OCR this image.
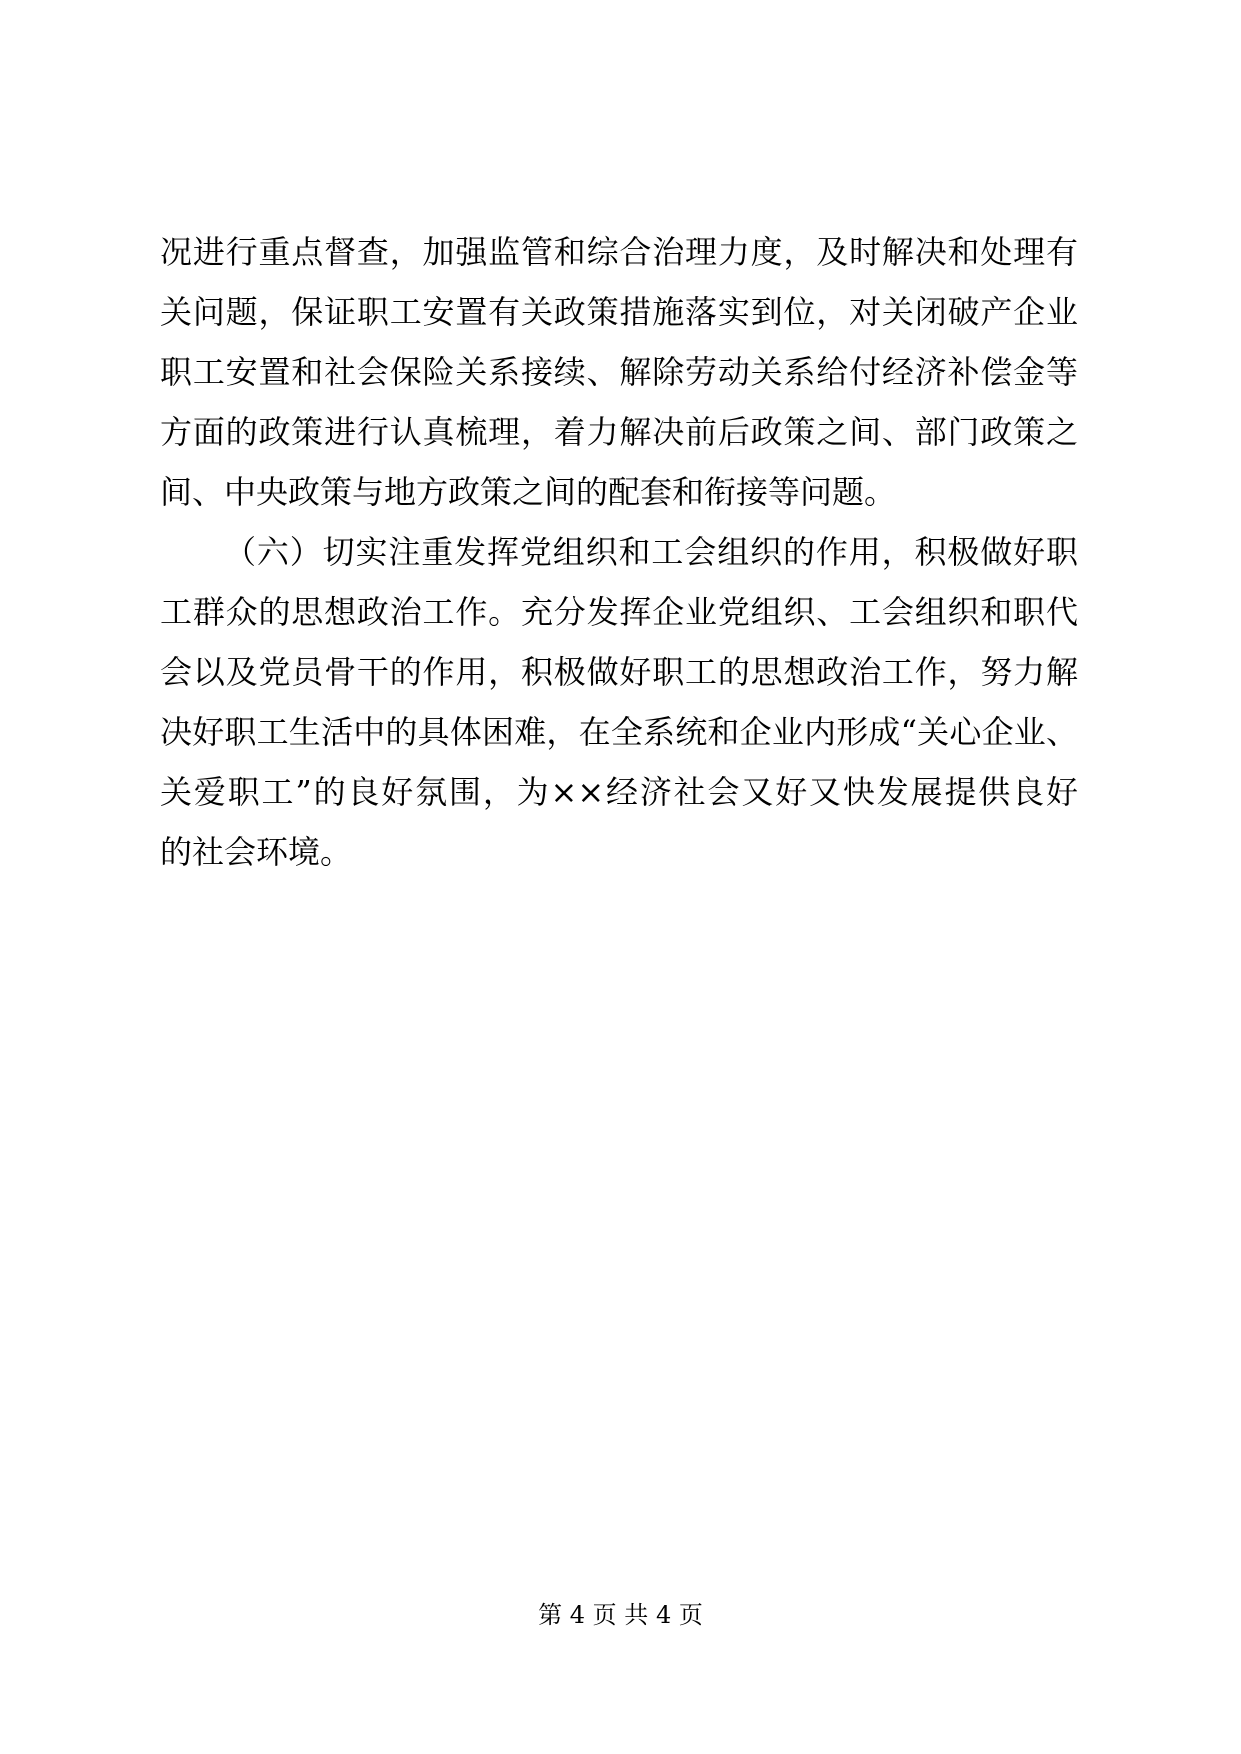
况进行重点督查，加强监管和综合治理力度，及时解决和处理有
关问题，保证职工安置有关政策措施落实到位，对关闭破产企业
职工安置和社会保险关系接续、解除劳动关系给付经济补偿金等
方面的政策进行认真梳理，着力解决前后政策之间、部门政策之
间、中央政策与地方政策之间的配套和衔接等问题。
（六）切实注重发挥党组织和工会组织的作用，积极做好职
工群众的思想政治工作。充分发挥企业党组织、工会组织和职代
会以及党员骨干的作用，积极做好职工的思想政治工作，努力解
决好职工生活中的具体困难，在全系统和企业内形成“关心企业、
关爱职工”的良好氛围，为××经济社会又好又快发展提供良好
的社会环境。
第 4 页 共 4 页
